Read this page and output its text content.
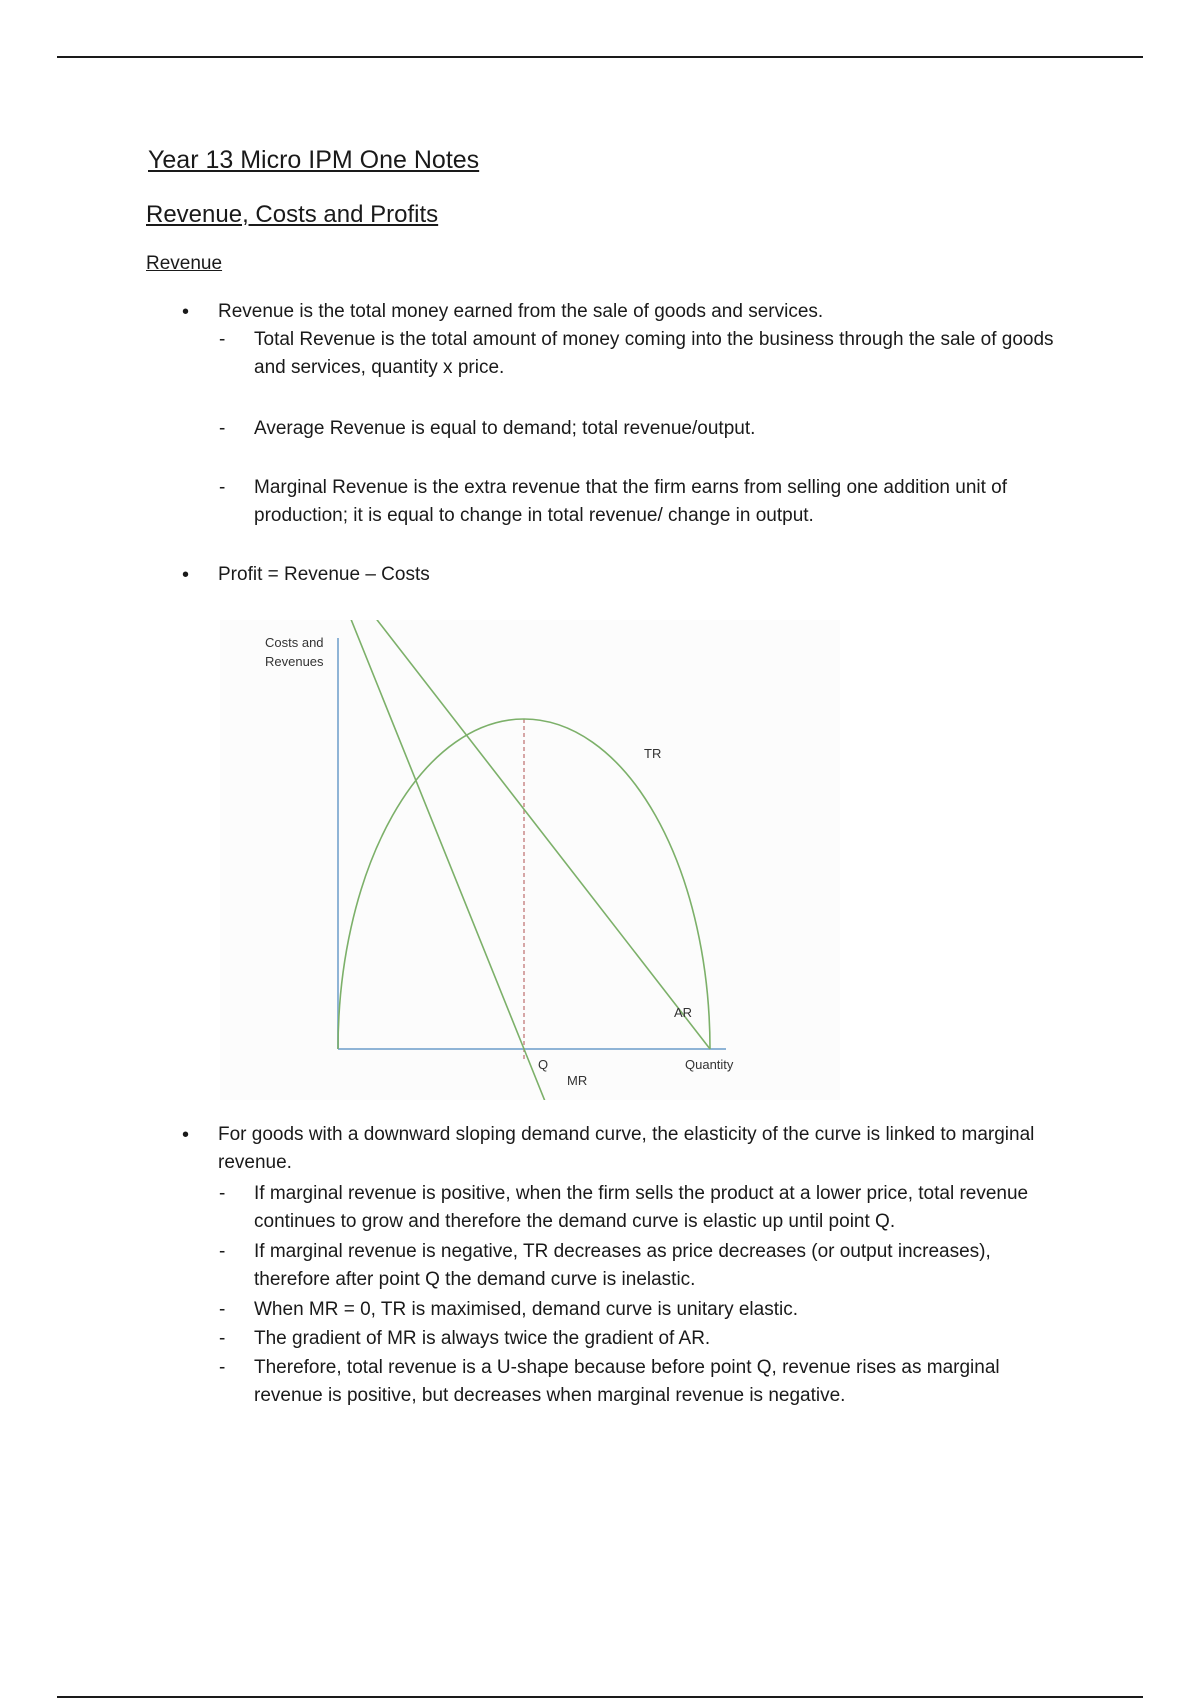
Year 13 Micro IPM One Notes
Revenue, Costs and Profits
Revenue
• Revenue is the total money earned from the sale of goods and services.
- Total Revenue is the total amount of money coming into the business through the sale of goods and services, quantity x price.
- Average Revenue is equal to demand; total revenue/output.
- Marginal Revenue is the extra revenue that the firm earns from selling one addition unit of production; it is equal to change in total revenue/ change in output.
• Profit = Revenue – Costs
Costs and
Revenues
Quantity
Q
TR
AR
MR
• For goods with a downward sloping demand curve, the elasticity of the curve is linked to marginal revenue.
- If marginal revenue is positive, when the firm sells the product at a lower price, total revenue continues to grow and therefore the demand curve is elastic up until point Q.
- If marginal revenue is negative, TR decreases as price decreases (or output increases), therefore after point Q the demand curve is inelastic.
- When MR = 0, TR is maximised, demand curve is unitary elastic.
- The gradient of MR is always twice the gradient of AR.
- Therefore, total revenue is a U-shape because before point Q, revenue rises as marginal revenue is positive, but decreases when marginal revenue is negative.
